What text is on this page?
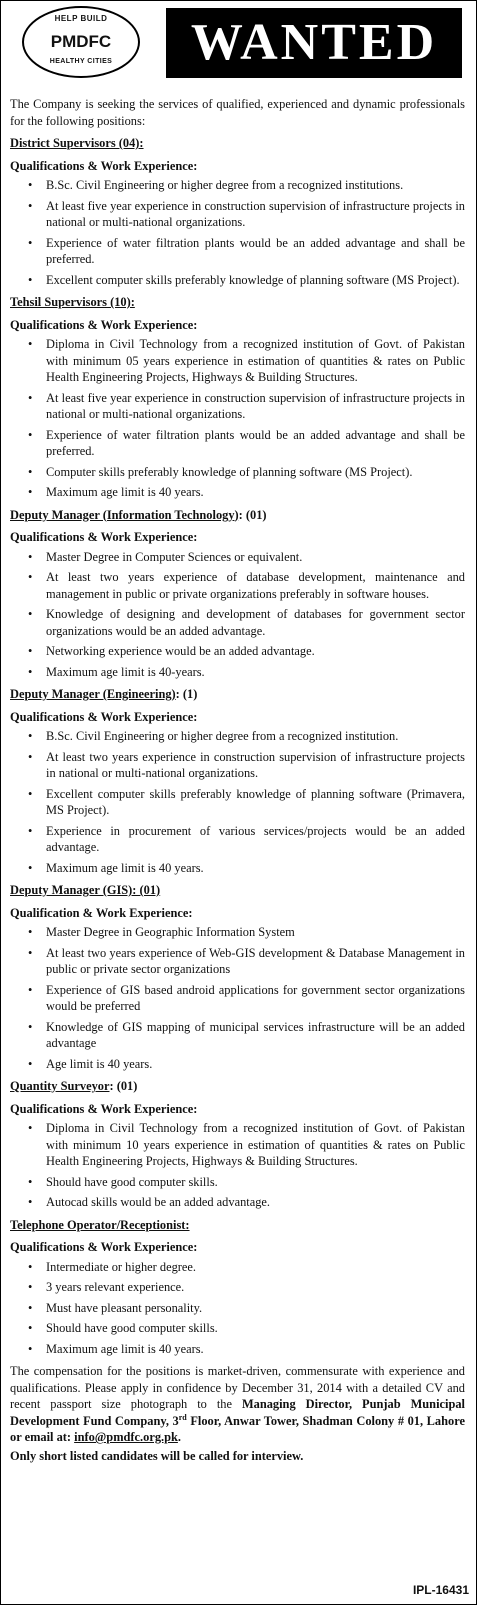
HELP BUILD
PMDFC
HEALTHY CITIES	WANTED

The Company is seeking the services of qualified, experienced and dynamic professionals for the following positions:

District Supervisors (04):
Qualifications & Work Experience:
• B.Sc. Civil Engineering or higher degree from a recognized institutions.
• At least five year experience in construction supervision of infrastructure projects in national or multi-national organizations.
• Experience of water filtration plants would be an added advantage and shall be preferred.
• Excellent computer skills preferably knowledge of planning software (MS Project).
Tehsil Supervisors (10):
Qualifications & Work Experience:
• Diploma in Civil Technology from a recognized institution of Govt. of Pakistan with minimum 05 years experience in estimation of quantities & rates on Public Health Engineering Projects, Highways & Building Structures.
• At least five year experience in construction supervision of infrastructure projects in national or multi-national organizations.
• Experience of water filtration plants would be an added advantage and shall be preferred.
• Computer skills preferably knowledge of planning software (MS Project).
• Maximum age limit is 40 years.
Deputy Manager (Information Technology): (01)
Qualifications & Work Experience:
• Master Degree in Computer Sciences or equivalent.
• At least two years experience of database development, maintenance and management in public or private organizations preferably in software houses.
• Knowledge of designing and development of databases for government sector organizations would be an added advantage.
• Networking experience would be an added advantage.
• Maximum age limit is 40-years.
Deputy Manager (Engineering): (1)
Qualifications & Work Experience:
• B.Sc. Civil Engineering or higher degree from a recognized institution.
• At least two years experience in construction supervision of infrastructure projects in national or multi-national organizations.
• Excellent computer skills preferably knowledge of planning software (Primavera, MS Project).
• Experience in procurement of various services/projects would be an added advantage.
• Maximum age limit is 40 years.
Deputy Manager (GIS): (01)
Qualification & Work Experience:
• Master Degree in Geographic Information System
• At least two years experience of Web-GIS development & Database Management in public or private sector organizations
• Experience of GIS based android applications for government sector organizations would be preferred
• Knowledge of GIS mapping of municipal services infrastructure will be an added advantage
• Age limit is 40 years.
Quantity Surveyor: (01)
Qualifications & Work Experience:
• Diploma in Civil Technology from a recognized institution of Govt. of Pakistan with minimum 10 years experience in estimation of quantities & rates on Public Health Engineering Projects, Highways & Building Structures.
• Should have good computer skills.
• Autocad skills would be an added advantage.
Telephone Operator/Receptionist:
Qualifications & Work Experience:
• Intermediate or higher degree.
• 3 years relevant experience.
• Must have pleasant personality.
• Should have good computer skills.
• Maximum age limit is 40 years.
The compensation for the positions is market-driven, commensurate with experience and qualifications. Please apply in confidence by December 31, 2014 with a detailed CV and recent passport size photograph to the Managing Director, Punjab Municipal Development Fund Company, 3rd Floor, Anwar Tower, Shadman Colony # 01, Lahore or email at: info@pmdfc.org.pk.
Only short listed candidates will be called for interview.
IPL-16431
